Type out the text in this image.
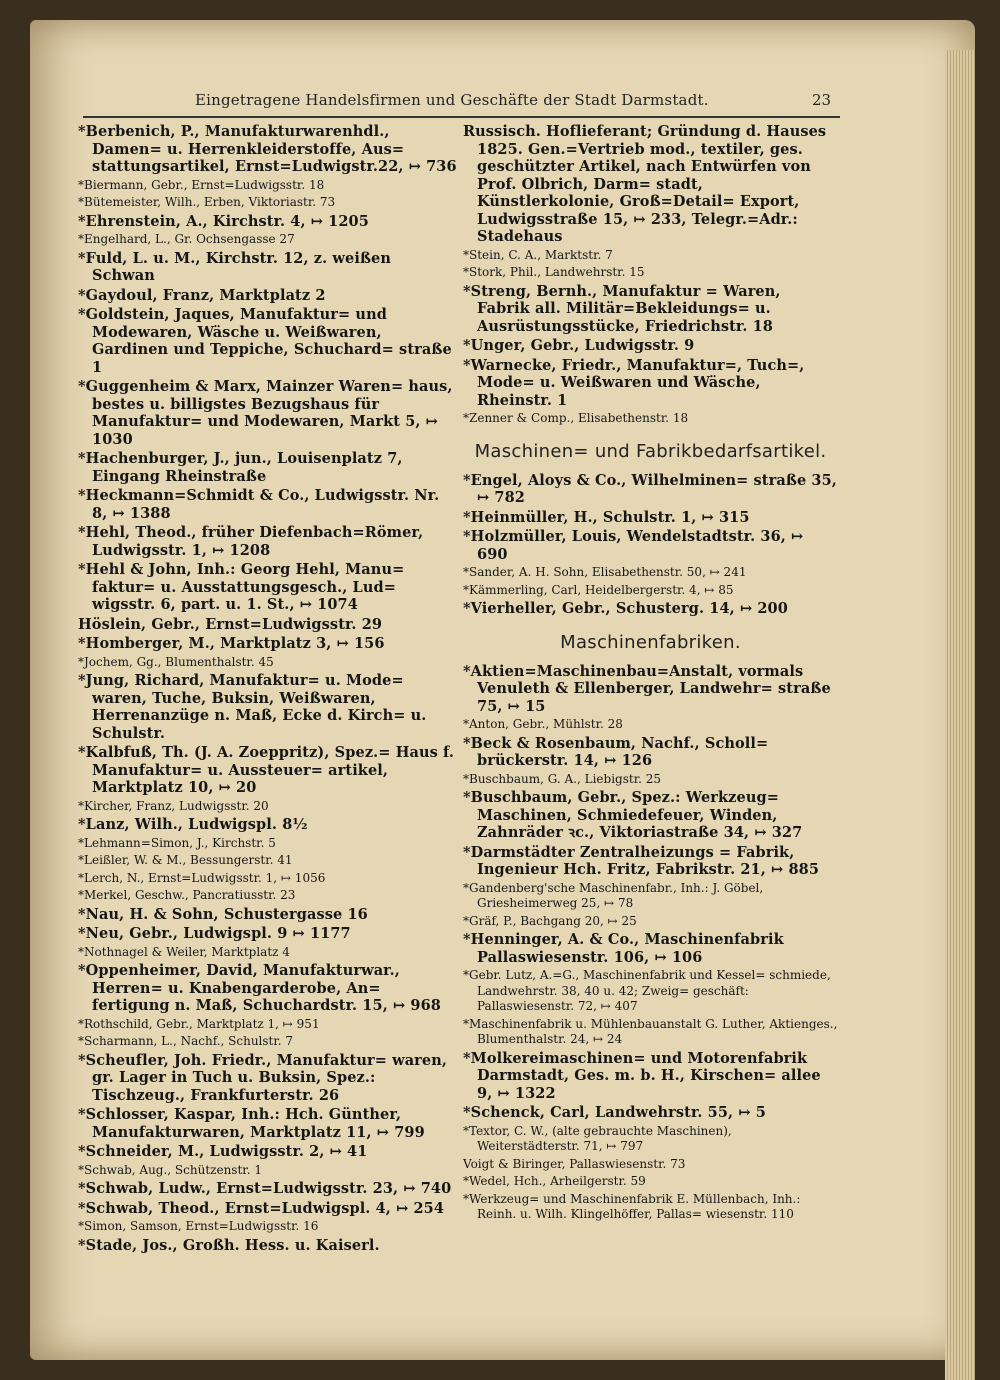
Eingetragene Handelsfirmen und Geschäfte der Stadt Darmstadt.	23
*Berbenich, P., Manufakturwarenhdl., Damen= u. Herrenkleiderstoffe, Aus= stattungsartikel, Ernst=Ludwigstr.22, ↦ 736
*Biermann, Gebr., Ernst=Ludwigsstr. 18
*Bütemeister, Wilh., Erben, Viktoriastr. 73
*Ehrenstein, A., Kirchstr. 4, ↦ 1205
*Engelhard, L., Gr. Ochsengasse 27
*Fuld, L. u. M., Kirchstr. 12, z. weißen Schwan
*Gaydoul, Franz, Marktplatz 2
*Goldstein, Jaques, Manufaktur= und Modewaren, Wäsche u. Weißwaren, Gardinen und Teppiche, Schuchard= straße 1
*Guggenheim & Marx, Mainzer Waren= haus, bestes u. billigstes Bezugshaus für Manufaktur= und Modewaren, Markt 5, ↦ 1030
*Hachenburger, J., jun., Louisenplatz 7, Eingang Rheinstraße
*Heckmann=Schmidt & Co., Ludwigsstr. Nr. 8, ↦ 1388
*Hehl, Theod., früher Diefenbach=Römer, Ludwigsstr. 1, ↦ 1208
*Hehl & John, Inh.: Georg Hehl, Manu= faktur= u. Ausstattungsgesch., Lud= wigsstr. 6, part. u. 1. St., ↦ 1074
Höslein, Gebr., Ernst=Ludwigsstr. 29
*Homberger, M., Marktplatz 3, ↦ 156
*Jochem, Gg., Blumenthalstr. 45
*Jung, Richard, Manufaktur= u. Mode= waren, Tuche, Buksin, Weißwaren, Herrenanzüge n. Maß, Ecke d. Kirch= u. Schulstr.
*Kalbfuß, Th. (J. A. Zoeppritz), Spez.= Haus f. Manufaktur= u. Aussteuer= artikel, Marktplatz 10, ↦ 20
*Kircher, Franz, Ludwigsstr. 20
*Lanz, Wilh., Ludwigspl. 8½
*Lehmann=Simon, J., Kirchstr. 5
*Leißler, W. & M., Bessungerstr. 41
*Lerch, N., Ernst=Ludwigsstr. 1, ↦ 1056
*Merkel, Geschw., Pancratiusstr. 23
*Nau, H. & Sohn, Schustergasse 16
*Neu, Gebr., Ludwigspl. 9 ↦ 1177
*Nothnagel & Weiler, Marktplatz 4
*Oppenheimer, David, Manufakturwar., Herren= u. Knabengarderobe, An= fertigung n. Maß, Schuchardstr. 15, ↦ 968
*Rothschild, Gebr., Marktplatz 1, ↦ 951
*Scharmann, L., Nachf., Schulstr. 7
*Scheufler, Joh. Friedr., Manufaktur= waren, gr. Lager in Tuch u. Buksin, Spez.: Tischzeug., Frankfurterstr. 26
*Schlosser, Kaspar, Inh.: Hch. Günther, Manufakturwaren, Marktplatz 11, ↦ 799
*Schneider, M., Ludwigsstr. 2, ↦ 41
*Schwab, Aug., Schützenstr. 1
*Schwab, Ludw., Ernst=Ludwigsstr. 23, ↦ 740
*Schwab, Theod., Ernst=Ludwigspl. 4, ↦ 254
*Simon, Samson, Ernst=Ludwigsstr. 16
*Stade, Jos., Großh. Hess. u. Kaiserl.
Russisch. Hoflieferant; Gründung d. Hauses 1825. Gen.=Vertrieb mod., textiler, ges. geschützter Artikel, nach Entwürfen von Prof. Olbrich, Darm= stadt, Künstlerkolonie, Groß=Detail= Export, Ludwigsstraße 15, ↦ 233, Telegr.=Adr.: Stadehaus
*Stein, C. A., Marktstr. 7
*Stork, Phil., Landwehrstr. 15
*Streng, Bernh., Manufaktur = Waren, Fabrik all. Militär=Bekleidungs= u. Ausrüstungsstücke, Friedrichstr. 18
*Unger, Gebr., Ludwigsstr. 9
*Warnecke, Friedr., Manufaktur=, Tuch=, Mode= u. Weißwaren und Wäsche, Rheinstr. 1
*Zenner & Comp., Elisabethenstr. 18
Maschinen= und Fabrikbedarfsartikel.
*Engel, Aloys & Co., Wilhelminen= straße 35, ↦ 782
*Heinmüller, H., Schulstr. 1, ↦ 315
*Holzmüller, Louis, Wendelstadtstr. 36, ↦ 690
*Sander, A. H. Sohn, Elisabethenstr. 50, ↦ 241
*Kämmerling, Carl, Heidelbergerstr. 4, ↦ 85
*Vierheller, Gebr., Schusterg. 14, ↦ 200
Maschinenfabriken.
*Aktien=Maschinenbau=Anstalt, vormals Venuleth & Ellenberger, Landwehr= straße 75, ↦ 15
*Anton, Gebr., Mühlstr. 28
*Beck & Rosenbaum, Nachf., Scholl= brückerstr. 14, ↦ 126
*Buschbaum, G. A., Liebigstr. 25
*Buschbaum, Gebr., Spez.: Werkzeug= Maschinen, Schmiedefeuer, Winden, Zahnräder ꝛc., Viktoriastraße 34, ↦ 327
*Darmstädter Zentralheizungs = Fabrik, Ingenieur Hch. Fritz, Fabrikstr. 21, ↦ 885
*Gandenberg'sche Maschinenfabr., Inh.: J. Göbel, Griesheimerweg 25, ↦ 78
*Gräf, P., Bachgang 20, ↦ 25
*Henninger, A. & Co., Maschinenfabrik Pallaswiesenstr. 106, ↦ 106
*Gebr. Lutz, A.=G., Maschinenfabrik und Kessel= schmiede, Landwehrstr. 38, 40 u. 42; Zweig= geschäft: Pallaswiesenstr. 72, ↦ 407
*Maschinenfabrik u. Mühlenbauanstalt G. Luther, Aktienges., Blumenthalstr. 24, ↦ 24
*Molkereimaschinen= und Motorenfabrik Darmstadt, Ges. m. b. H., Kirschen= allee 9, ↦ 1322
*Schenck, Carl, Landwehrstr. 55, ↦ 5
*Textor, C. W., (alte gebrauchte Maschinen), Weiterstädterstr. 71, ↦ 797
Voigt & Biringer, Pallaswiesenstr. 73
*Wedel, Hch., Arheilgerstr. 59
*Werkzeug= und Maschinenfabrik E. Müllenbach, Inh.: Reinh. u. Wilh. Klingelhöffer, Pallas= wiesenstr. 110
